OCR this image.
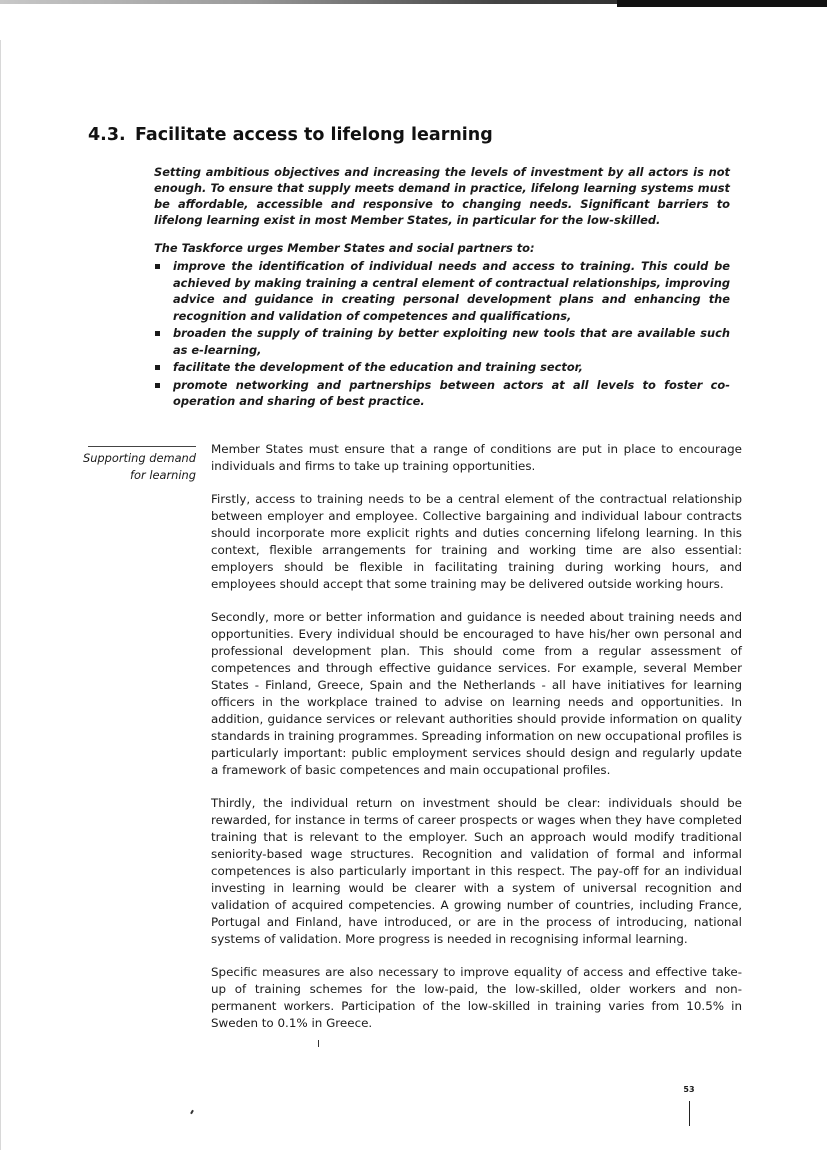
4.3. Facilitate access to lifelong learning

Setting ambitious objectives and increasing the levels of investment by all actors is not enough. To ensure that supply meets demand in practice, lifelong learning systems must be affordable, accessible and responsive to changing needs. Significant barriers to lifelong learning exist in most Member States, in particular for the low-skilled.

The Taskforce urges Member States and social partners to:

improve the identification of individual needs and access to training. This could be achieved by making training a central element of contractual relationships, improving advice and guidance in creating personal development plans and enhancing the recognition and validation of competences and qualifications,
broaden the supply of training by better exploiting new tools that are available such as e-learning,
facilitate the development of the education and training sector,
promote networking and partnerships between actors at all levels to foster co-operation and sharing of best practice.

Supporting demand for learning

Member States must ensure that a range of conditions are put in place to encourage individuals and firms to take up training opportunities.

Firstly, access to training needs to be a central element of the contractual relationship between employer and employee. Collective bargaining and individual labour contracts should incorporate more explicit rights and duties concerning lifelong learning. In this context, flexible arrangements for training and working time are also essential: employers should be flexible in facilitating training during working hours, and employees should accept that some training may be delivered outside working hours.

Secondly, more or better information and guidance is needed about training needs and opportunities. Every individual should be encouraged to have his/her own personal and professional development plan. This should come from a regular assessment of competences and through effective guidance services. For example, several Member States - Finland, Greece, Spain and the Netherlands - all have initiatives for learning officers in the workplace trained to advise on learning needs and opportunities. In addition, guidance services or relevant authorities should provide information on quality standards in training programmes. Spreading information on new occupational profiles is particularly important: public employment services should design and regularly update a framework of basic competences and main occupational profiles.

Thirdly, the individual return on investment should be clear: individuals should be rewarded, for instance in terms of career prospects or wages when they have completed training that is relevant to the employer. Such an approach would modify traditional seniority-based wage structures. Recognition and validation of formal and informal competences is also particularly important in this respect. The pay-off for an individual investing in learning would be clearer with a system of universal recognition and validation of acquired competencies. A growing number of countries, including France, Portugal and Finland, have introduced, or are in the process of introducing, national systems of validation. More progress is needed in recognising informal learning.

Specific measures are also necessary to improve equality of access and effective take-up of training schemes for the low-paid, the low-skilled, older workers and non-permanent workers. Participation of the low-skilled in training varies from 10.5% in Sweden to 0.1% in Greece.

53
